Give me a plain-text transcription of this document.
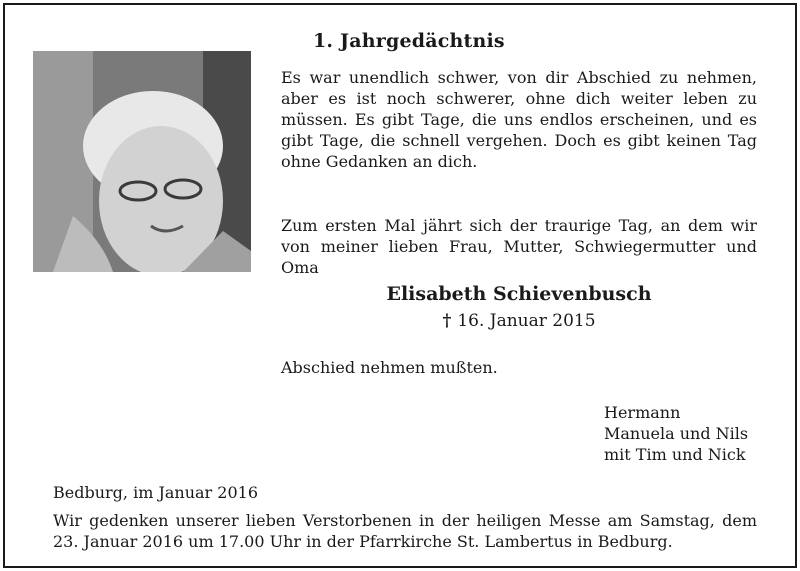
1. Jahrgedächtnis

Es war unendlich schwer, von dir Abschied zu nehmen, aber es ist noch schwerer, ohne dich weiter leben zu müssen. Es gibt Tage, die uns endlos erscheinen, und es gibt Tage, die schnell vergehen. Doch es gibt keinen Tag ohne Gedanken an dich.

Zum ersten Mal jährt sich der traurige Tag, an dem wir von meiner lieben Frau, Mutter, Schwiegermutter und Oma

Elisabeth Schievenbusch
† 16. Januar 2015
Abschied nehmen mußten.
Hermann
Manuela und Nils
mit Tim und Nick
Bedburg, im Januar 2016

Wir gedenken unserer lieben Verstorbenen in der heiligen Messe am Samstag, dem 23. Januar 2016 um 17.00 Uhr in der Pfarrkirche St. Lambertus in Bedburg.
